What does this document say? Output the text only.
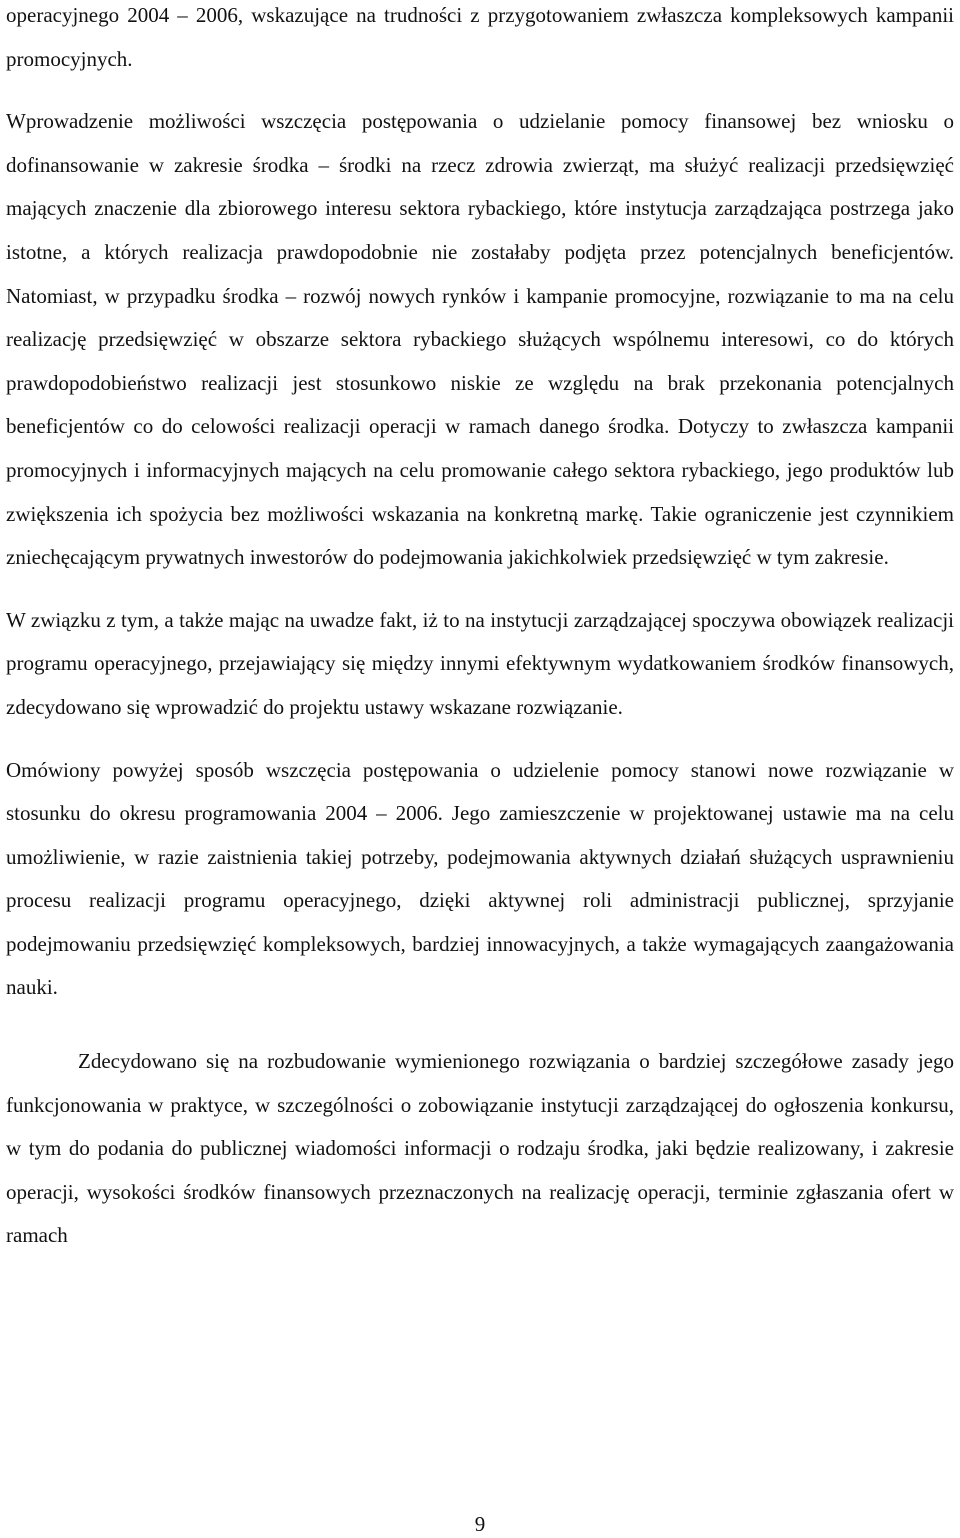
operacyjnego 2004 – 2006, wskazujące na trudności z przygotowaniem zwłaszcza kompleksowych kampanii promocyjnych.

Wprowadzenie możliwości wszczęcia postępowania o udzielanie pomocy finansowej bez wniosku o dofinansowanie w zakresie środka – środki na rzecz zdrowia zwierząt, ma służyć realizacji przedsięwzięć mających znaczenie dla zbiorowego interesu sektora rybackiego, które instytucja zarządzająca postrzega jako istotne, a których realizacja prawdopodobnie nie zostałaby podjęta przez potencjalnych beneficjentów. Natomiast, w przypadku środka – rozwój nowych rynków i kampanie promocyjne, rozwiązanie to ma na celu realizację przedsięwzięć w obszarze sektora rybackiego służących wspólnemu interesowi, co do których prawdopodobieństwo realizacji jest stosunkowo niskie ze względu na brak przekonania potencjalnych beneficjentów co do celowości realizacji operacji w ramach danego środka. Dotyczy to zwłaszcza kampanii promocyjnych i informacyjnych mających na celu promowanie całego sektora rybackiego, jego produktów lub zwiększenia ich spożycia bez możliwości wskazania na konkretną markę. Takie ograniczenie jest czynnikiem zniechęcającym prywatnych inwestorów do podejmowania jakichkolwiek przedsięwzięć w tym zakresie.

W związku z tym, a także mając na uwadze fakt, iż to na instytucji zarządzającej spoczywa obowiązek realizacji programu operacyjnego, przejawiający się między innymi efektywnym wydatkowaniem środków finansowych, zdecydowano się wprowadzić do projektu ustawy wskazane rozwiązanie.

Omówiony powyżej sposób wszczęcia postępowania o udzielenie pomocy stanowi nowe rozwiązanie w stosunku do okresu programowania 2004 – 2006. Jego zamieszczenie w projektowanej ustawie ma na celu umożliwienie, w razie zaistnienia takiej potrzeby, podejmowania aktywnych działań służących usprawnieniu procesu realizacji programu operacyjnego, dzięki aktywnej roli administracji publicznej, sprzyjanie podejmowaniu przedsięwzięć kompleksowych, bardziej innowacyjnych, a także wymagających zaangażowania nauki.

Zdecydowano się na rozbudowanie wymienionego rozwiązania o bardziej szczegółowe zasady jego funkcjonowania w praktyce, w szczególności o zobowiązanie instytucji zarządzającej do ogłoszenia konkursu, w tym do podania do publicznej wiadomości informacji o rodzaju środka, jaki będzie realizowany, i zakresie operacji, wysokości środków finansowych przeznaczonych na realizację operacji, terminie zgłaszania ofert w ramach

9
